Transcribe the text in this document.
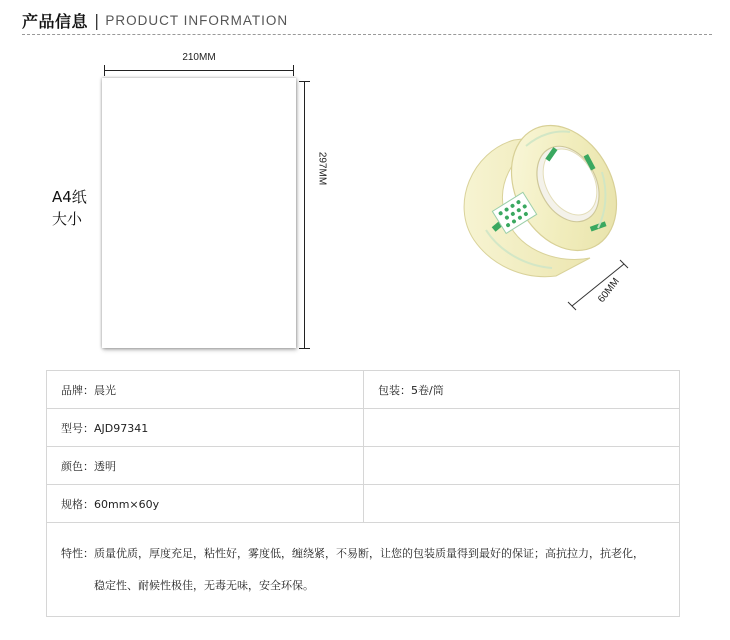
产品信息 | PRODUCT INFORMATION
A4纸
大小
210MM
297MM
60MM
品牌：晨光	包装：5卷/筒
型号：AJD97341	
颜色：透明	
规格：60mm×60y	
特性：质量优质，厚度充足，粘性好，雾度低，缠绕紧，不易断，让您的包装质量得到最好的保证；高抗拉力，抗老化，
稳定性、耐候性极佳，无毒无味，安全环保。	
